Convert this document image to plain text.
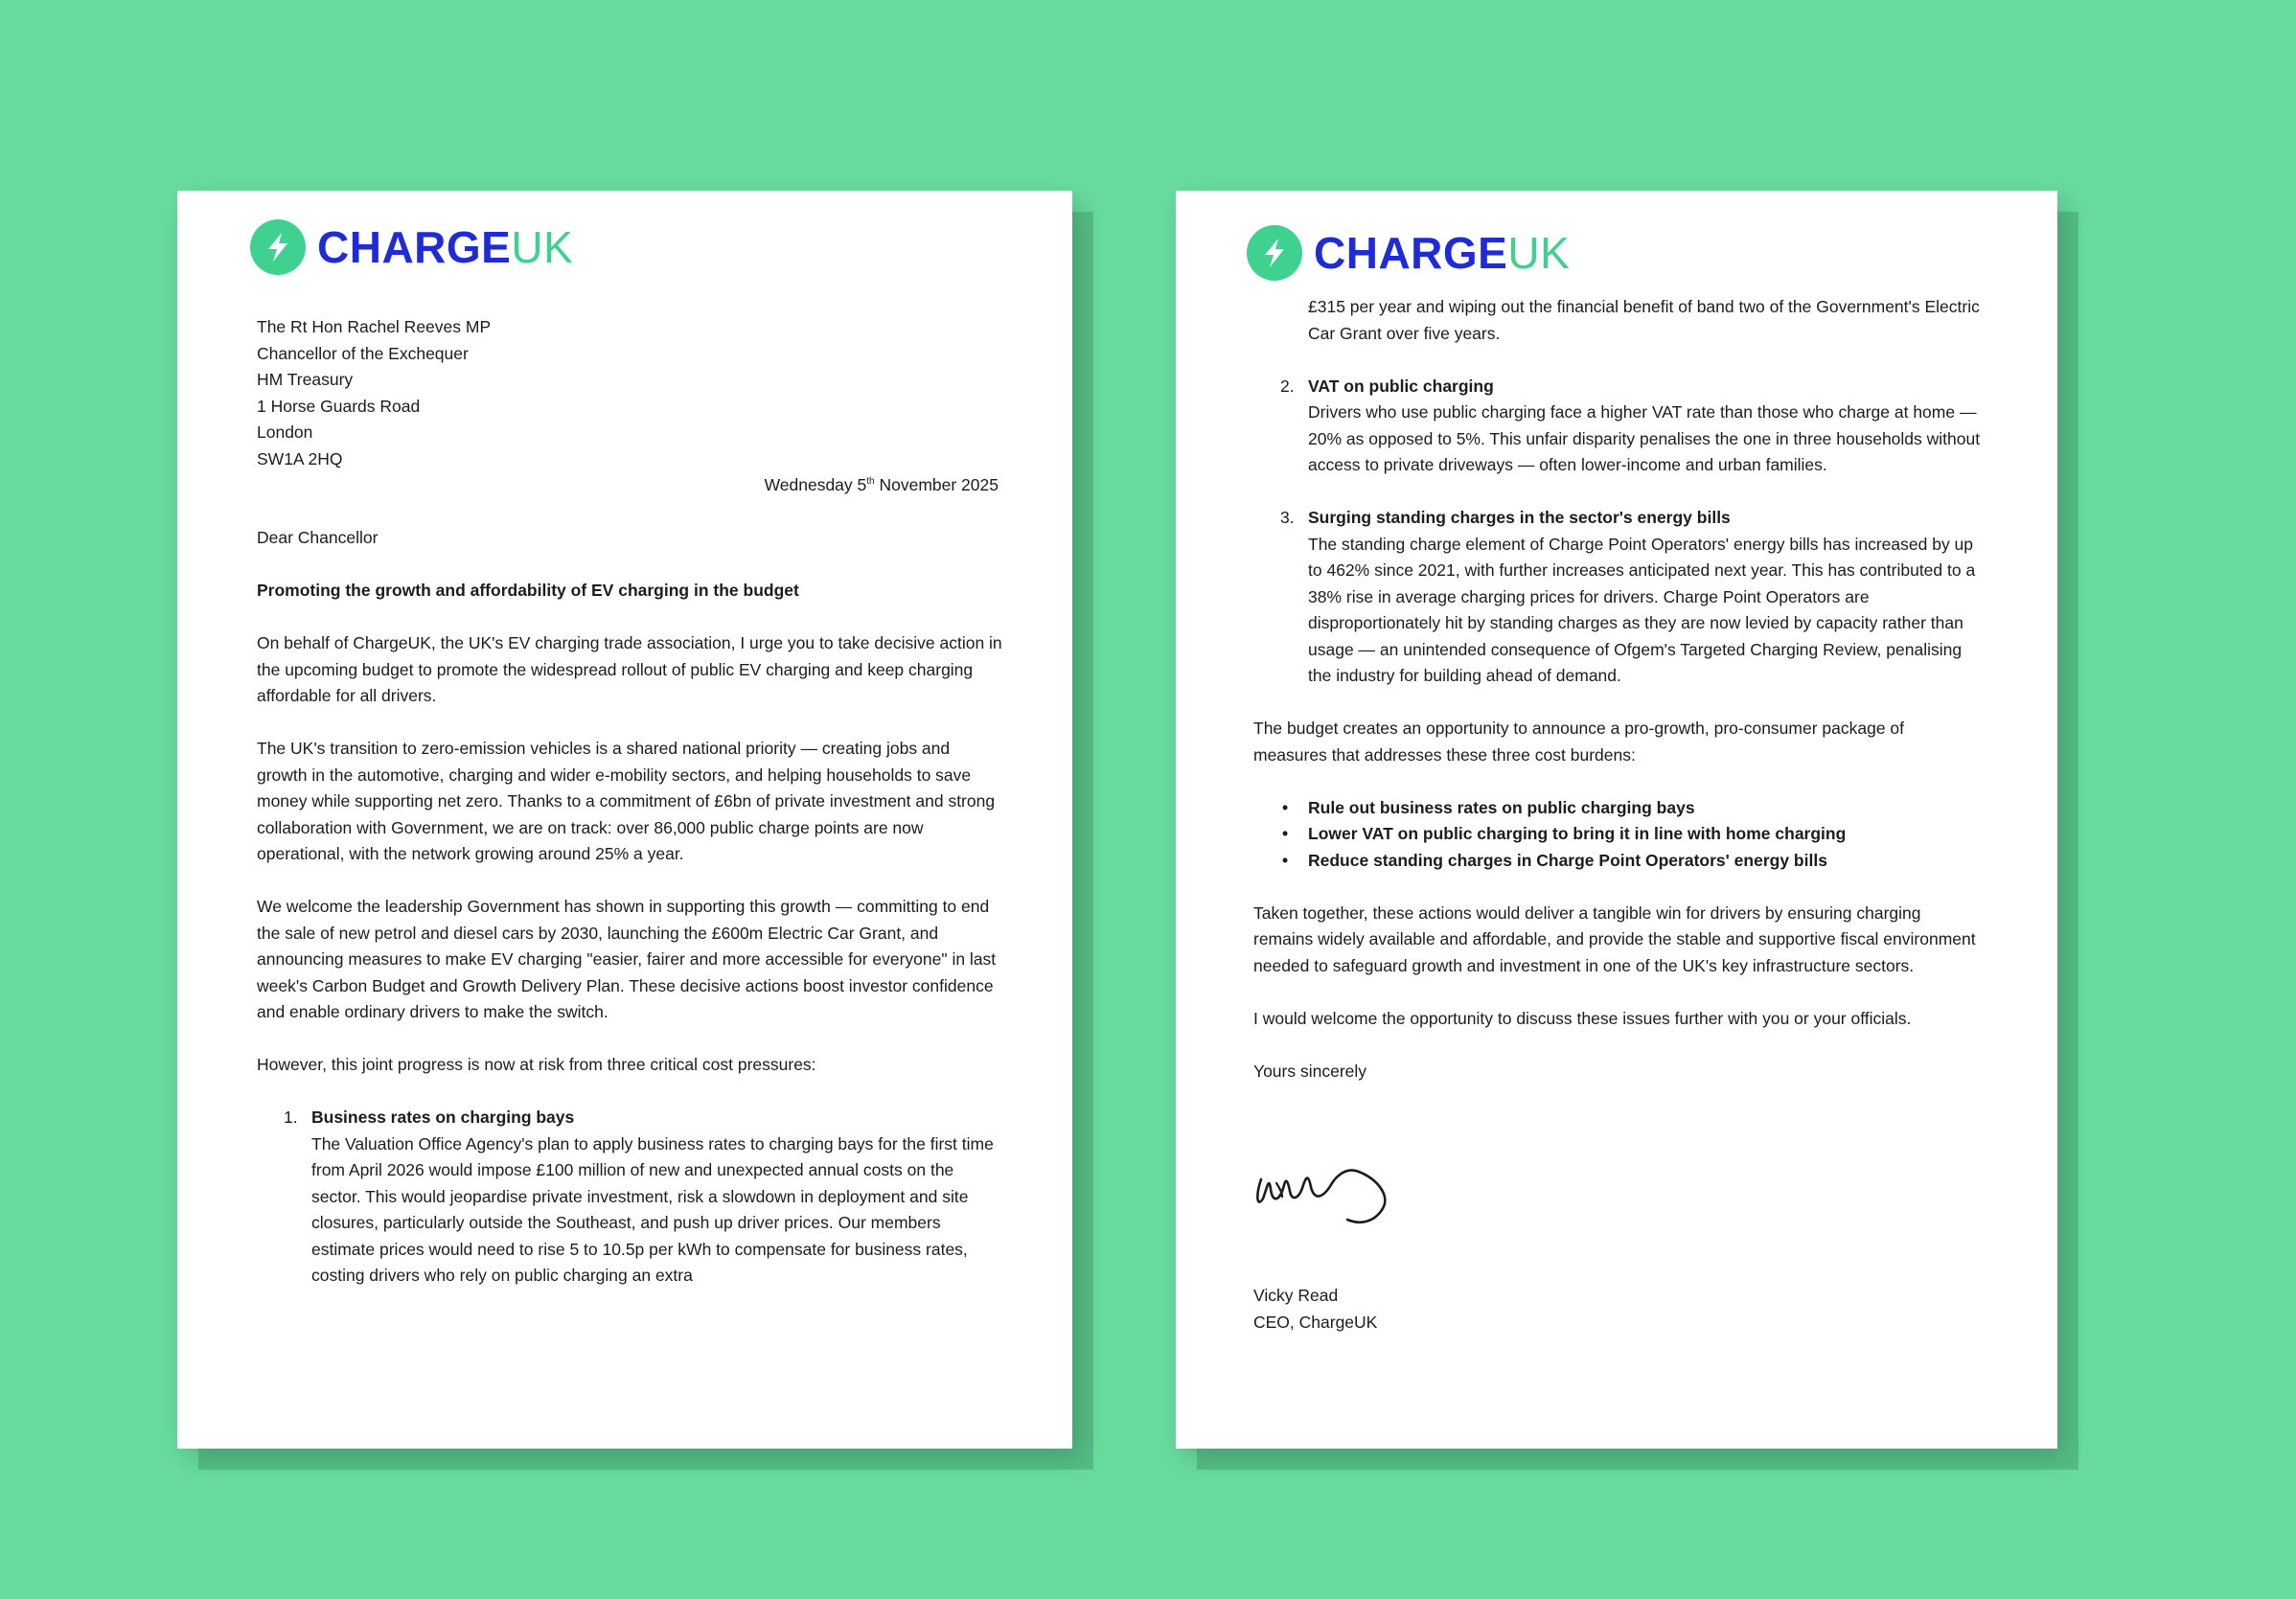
CHARGEUK
The Rt Hon Rachel Reeves MP
Chancellor of the Exchequer
HM Treasury
1 Horse Guards Road
London
SW1A 2HQ
Wednesday 5th November 2025

Dear Chancellor

Promoting the growth and affordability of EV charging in the budget

On behalf of ChargeUK, the UK's EV charging trade association, I urge you to take decisive action in the upcoming budget to promote the widespread rollout of public EV charging and keep charging affordable for all drivers.

The UK's transition to zero-emission vehicles is a shared national priority — creating jobs and growth in the automotive, charging and wider e-mobility sectors, and helping households to save money while supporting net zero. Thanks to a commitment of £6bn of private investment and strong collaboration with Government, we are on track: over 86,000 public charge points are now operational, with the network growing around 25% a year.

We welcome the leadership Government has shown in supporting this growth — committing to end the sale of new petrol and diesel cars by 2030, launching the £600m Electric Car Grant, and announcing measures to make EV charging "easier, fairer and more accessible for everyone" in last week's Carbon Budget and Growth Delivery Plan. These decisive actions boost investor confidence and enable ordinary drivers to make the switch.

However, this joint progress is now at risk from three critical cost pressures:

1. Business rates on charging bays
The Valuation Office Agency's plan to apply business rates to charging bays for the first time from April 2026 would impose £100 million of new and unexpected annual costs on the sector. This would jeopardise private investment, risk a slowdown in deployment and site closures, particularly outside the Southeast, and push up driver prices. Our members estimate prices would need to rise 5 to 10.5p per kWh to compensate for business rates, costing drivers who rely on public charging an extra
CHARGEUK
£315 per year and wiping out the financial benefit of band two of the Government's Electric Car Grant over five years.
2. VAT on public charging
Drivers who use public charging face a higher VAT rate than those who charge at home — 20% as opposed to 5%. This unfair disparity penalises the one in three households without access to private driveways — often lower-income and urban families.
3. Surging standing charges in the sector's energy bills
The standing charge element of Charge Point Operators' energy bills has increased by up to 462% since 2021, with further increases anticipated next year. This has contributed to a 38% rise in average charging prices for drivers. Charge Point Operators are disproportionately hit by standing charges as they are now levied by capacity rather than usage — an unintended consequence of Ofgem's Targeted Charging Review, penalising the industry for building ahead of demand.

The budget creates an opportunity to announce a pro-growth, pro-consumer package of measures that addresses these three cost burdens:

• Rule out business rates on public charging bays
• Lower VAT on public charging to bring it in line with home charging
• Reduce standing charges in Charge Point Operators' energy bills

Taken together, these actions would deliver a tangible win for drivers by ensuring charging remains widely available and affordable, and provide the stable and supportive fiscal environment needed to safeguard growth and investment in one of the UK's key infrastructure sectors.

I would welcome the opportunity to discuss these issues further with you or your officials.

Yours sincerely

Vicky Read
CEO, ChargeUK
